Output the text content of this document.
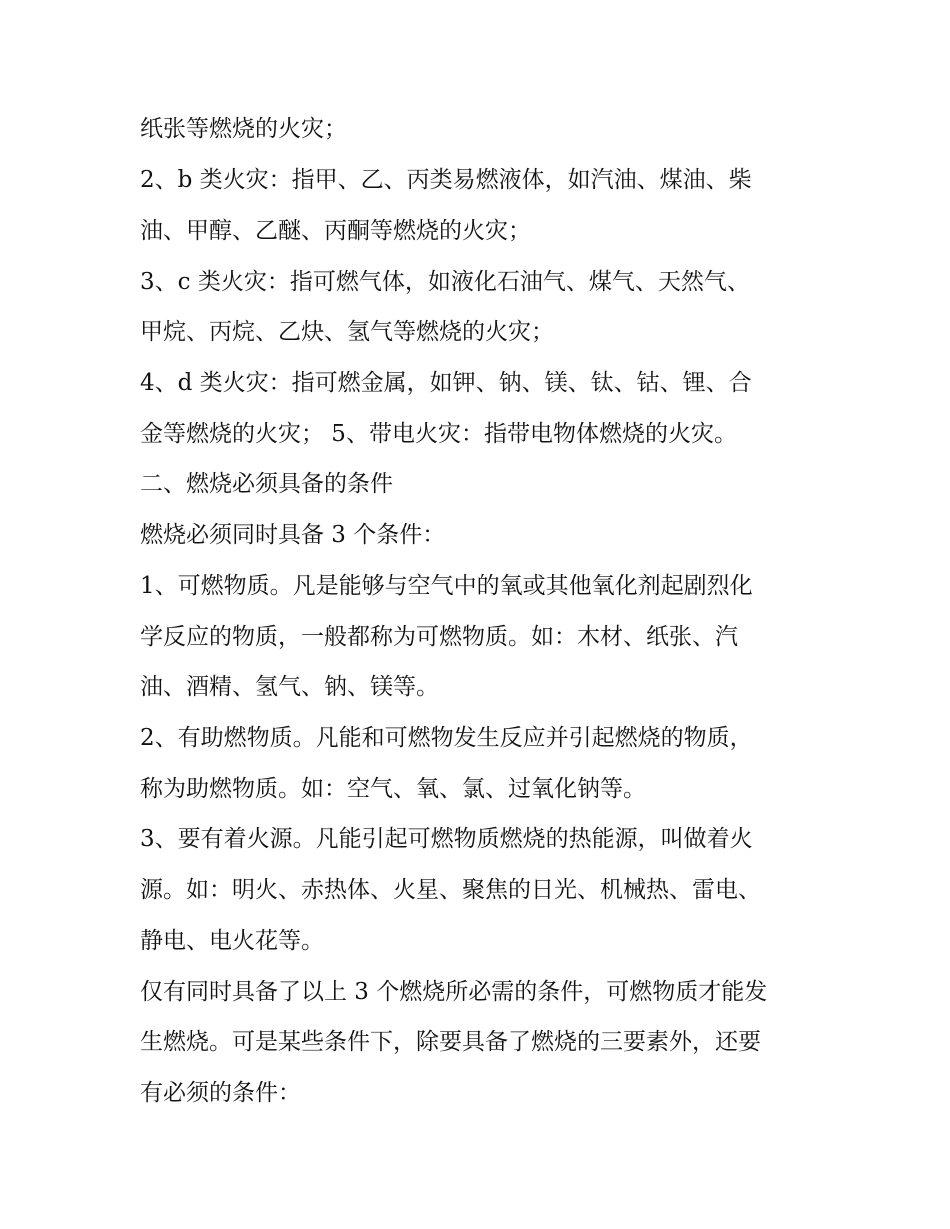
纸张等燃烧的火灾；
2、b 类火灾：指甲、乙、丙类易燃液体，如汽油、煤油、柴
油、甲醇、乙醚、丙酮等燃烧的火灾；
3、c 类火灾：指可燃气体，如液化石油气、煤气、天然气、
甲烷、丙烷、乙炔、氢气等燃烧的火灾；
4、d 类火灾：指可燃金属，如钾、钠、镁、钛、钴、锂、合
金等燃烧的火灾； 5、带电火灾：指带电物体燃烧的火灾。
二、燃烧必须具备的条件
燃烧必须同时具备 3 个条件：
1、可燃物质。凡是能够与空气中的氧或其他氧化剂起剧烈化
学反应的物质，一般都称为可燃物质。如：木材、纸张、汽
油、酒精、氢气、钠、镁等。
2、有助燃物质。凡能和可燃物发生反应并引起燃烧的物质，
称为助燃物质。如：空气、氧、氯、过氧化钠等。
3、要有着火源。凡能引起可燃物质燃烧的热能源，叫做着火
源。如：明火、赤热体、火星、聚焦的日光、机械热、雷电、
静电、电火花等。
仅有同时具备了以上 3 个燃烧所必需的条件，可燃物质才能发
生燃烧。可是某些条件下，除要具备了燃烧的三要素外，还要
有必须的条件：
